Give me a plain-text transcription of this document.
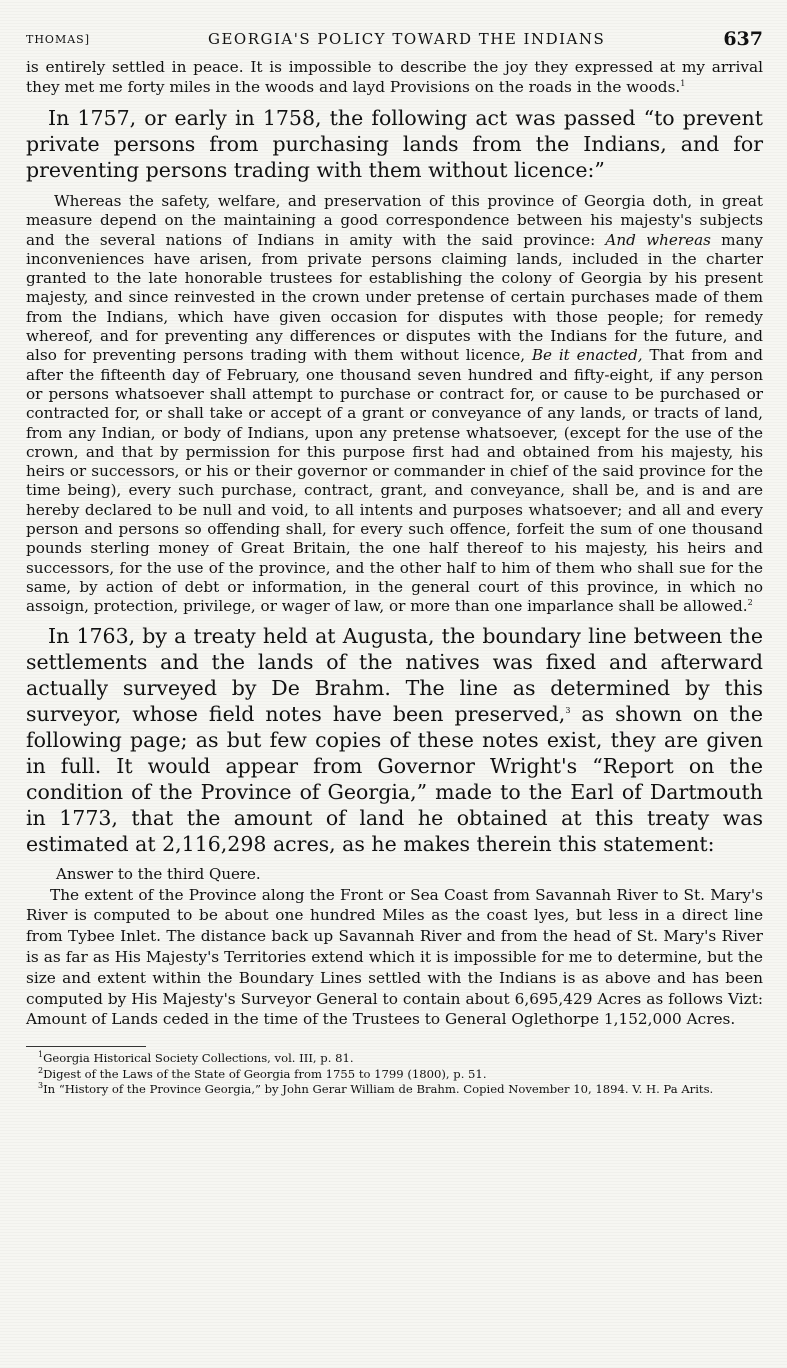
THOMAS]	GEORGIA'S POLICY TOWARD THE INDIANS	637

is entirely settled in peace. It is impossible to describe the joy they expressed at my arrival they met me forty miles in the woods and layd Provisions on the roads in the woods.$^1$

In 1757, or early in 1758, the following act was passed “to prevent private persons from purchasing lands from the Indians, and for preventing persons trading with them without licence:”

Whereas the safety, welfare, and preservation of this province of Georgia doth, in great measure depend on the maintaining a good correspondence between his majesty's subjects and the several nations of Indians in amity with the said province: And whereas many inconveniences have arisen, from private persons claiming lands, included in the charter granted to the late honorable trustees for establishing the colony of Georgia by his present majesty, and since reinvested in the crown under pretense of certain purchases made of them from the Indians, which have given occasion for disputes with those people; for remedy whereof, and for preventing any differences or disputes with the Indians for the future, and also for preventing persons trading with them without licence, Be it enacted, That from and after the fifteenth day of February, one thousand seven hundred and fifty-eight, if any person or persons whatsoever shall attempt to purchase or contract for, or cause to be purchased or contracted for, or shall take or accept of a grant or conveyance of any lands, or tracts of land, from any Indian, or body of Indians, upon any pretense whatsoever, (except for the use of the crown, and that by permission for this purpose first had and obtained from his majesty, his heirs or successors, or his or their governor or commander in chief of the said province for the time being), every such purchase, contract, grant, and conveyance, shall be, and is and are hereby declared to be null and void, to all intents and purposes whatsoever; and all and every person and persons so offending shall, for every such offence, forfeit the sum of one thousand pounds sterling money of Great Britain, the one half thereof to his majesty, his heirs and successors, for the use of the province, and the other half to him of them who shall sue for the same, by action of debt or information, in the general court of this province, in which no assoign, protection, privilege, or wager of law, or more than one imparlance shall be allowed.$^2$

In 1763, by a treaty held at Augusta, the boundary line between the settlements and the lands of the natives was fixed and afterward actually surveyed by De Brahm. The line as determined by this surveyor, whose field notes have been preserved,$^3$ as shown on the following page; as but few copies of these notes exist, they are given in full. It would appear from Governor Wright's “Report on the condition of the Province of Georgia,” made to the Earl of Dartmouth in 1773, that the amount of land he obtained at this treaty was estimated at 2,116,298 acres, as he makes therein this statement:

Answer to the third Quere.

The extent of the Province along the Front or Sea Coast from Savannah River to St. Mary's River is computed to be about one hundred Miles as the coast lyes, but less in a direct line from Tybee Inlet. The distance back up Savannah River and from the head of St. Mary's River is as far as His Majesty's Territories extend which it is impossible for me to determine, but the size and extent within the Boundary Lines settled with the Indians is as above and has been computed by His Majesty's Surveyor General to contain about 6,695,429 Acres as follows Vizt: Amount of Lands ceded in the time of the Trustees to General Oglethorpe 1,152,000 Acres.

$^1$Georgia Historical Society Collections, vol. III, p. 81.

$^2$Digest of the Laws of the State of Georgia from 1755 to 1799 (1800), p. 51.

$^3$In “History of the Province Georgia,” by John Gerar William de Brahm. Copied November 10, 1894. V. H. Pa Arits.
